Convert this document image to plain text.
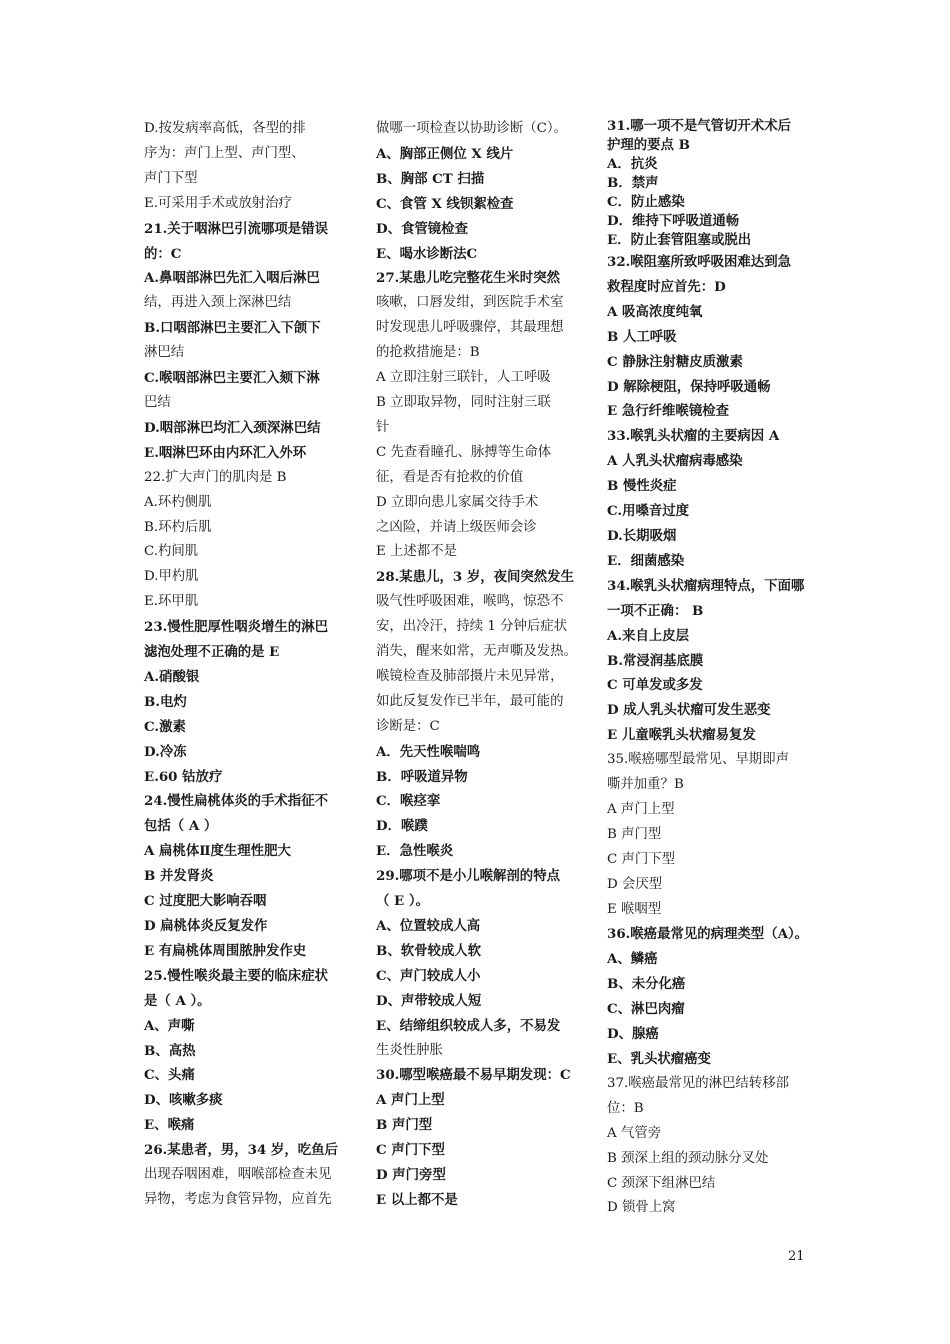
D.按发病率高低，各型的排
序为：声门上型、声门型、
声门下型
E.可采用手术或放射治疗
21.关于咽淋巴引流哪项是错误
的：C
A.鼻咽部淋巴先汇入咽后淋巴
结，再进入颈上深淋巴结
B.口咽部淋巴主要汇入下颌下
淋巴结
C.喉咽部淋巴主要汇入颏下淋
巴结
D.咽部淋巴均汇入颈深淋巴结
E.咽淋巴环由内环汇入外环
22.扩大声门的肌肉是 B
A.环杓侧肌
B.环杓后肌
C.杓间肌
D.甲杓肌
E.环甲肌
23.慢性肥厚性咽炎增生的淋巴
滤泡处理不正确的是 E
A.硝酸银
B.电灼
C.激素
D.冷冻
E.60 钴放疗
24.慢性扁桃体炎的手术指征不
包括（ A ）
A 扁桃体Ⅱ度生理性肥大
B 并发肾炎
C 过度肥大影响吞咽
D 扁桃体炎反复发作
E 有扁桃体周围脓肿发作史
25.慢性喉炎最主要的临床症状
是（ A ）。
A、声嘶
B、高热
C、头痛
D、咳嗽多痰
E、喉痛
26.某患者，男，34 岁，吃鱼后
出现吞咽困难，咽喉部检查未见
异物，考虑为食管异物，应首先
做哪一项检查以协助诊断（C）。
A、胸部正侧位 X 线片
B、胸部 CT 扫描
C、食管 X 线钡絮检查
D、食管镜检查
E、喝水诊断法C
27.某患儿吃完整花生米时突然
咳嗽，口唇发绀，到医院手术室
时发现患儿呼吸骤停，其最理想
的抢救措施是：B
A 立即注射三联针，人工呼吸
B 立即取异物，同时注射三联
针
C 先查看瞳孔、脉搏等生命体
征，看是否有抢救的价值
D 立即向患儿家属交待手术
之凶险，并请上级医师会诊
E 上述都不是
28.某患儿，3 岁，夜间突然发生
吸气性呼吸困难，喉鸣，惊恐不
安，出冷汗，持续 1 分钟后症状
消失，醒来如常，无声嘶及发热。
喉镜检查及肺部摄片未见异常，
如此反复发作已半年，最可能的
诊断是：C
A．先天性喉喘鸣
B．呼吸道异物
C．喉痉挛
D．喉蹼
E．急性喉炎
29.哪项不是小儿喉解剖的特点
（ E ）。
A、位置较成人高
B、软骨较成人软
C、声门较成人小
D、声带较成人短
E、结缔组织较成人多，不易发
生炎性肿胀
30.哪型喉癌最不易早期发现：C
A 声门上型
B 声门型
C 声门下型
D 声门旁型
E 以上都不是
31.哪一项不是气管切开术术后
护理的要点 B
A．抗炎
B．禁声
C．防止感染
D．维持下呼吸道通畅
E．防止套管阻塞或脱出
32.喉阻塞所致呼吸困难达到急
救程度时应首先：D
A 吸高浓度纯氧
B 人工呼吸
C 静脉注射糖皮质激素
D 解除梗阻，保持呼吸通畅
E 急行纤维喉镜检查
33.喉乳头状瘤的主要病因 A
A 人乳头状瘤病毒感染
B 慢性炎症
C.用嗓音过度
D.长期吸烟
E．细菌感染
34.喉乳头状瘤病理特点，下面哪
一项不正确： B
A.来自上皮层
B.常浸润基底膜
C 可单发或多发
D 成人乳头状瘤可发生恶变
E 儿童喉乳头状瘤易复发
35.喉癌哪型最常见、早期即声
嘶并加重？B
A 声门上型
B 声门型
C 声门下型
D 会厌型
E 喉咽型
36.喉癌最常见的病理类型（A）。
A、鳞癌
B、未分化癌
C、淋巴肉瘤
D、腺癌
E、乳头状瘤癌变
37.喉癌最常见的淋巴结转移部
位：B
A 气管旁
B 颈深上组的颈动脉分叉处
C 颈深下组淋巴结
D 锁骨上窝
21
